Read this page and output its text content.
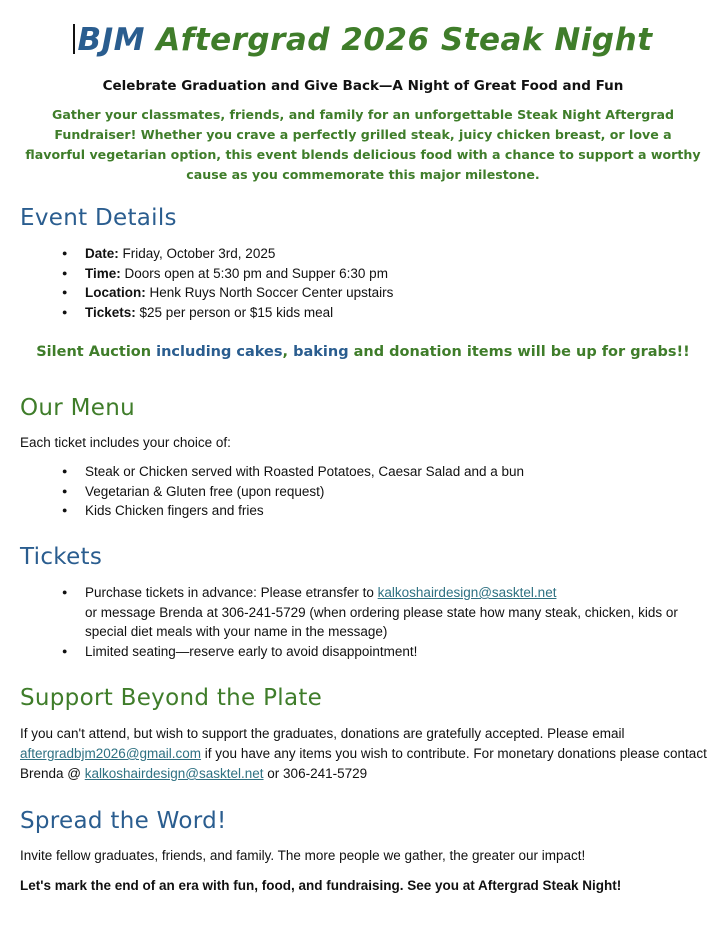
BJM Aftergrad 2026 Steak Night
Celebrate Graduation and Give Back—A Night of Great Food and Fun
Gather your classmates, friends, and family for an unforgettable Steak Night Aftergrad Fundraiser! Whether you crave a perfectly grilled steak, juicy chicken breast, or love a flavorful vegetarian option, this event blends delicious food with a chance to support a worthy cause as you commemorate this major milestone.
Event Details
● Date: Friday, October 3rd, 2025
● Time: Doors open at 5:30 pm and Supper 6:30 pm
● Location: Henk Ruys North Soccer Center upstairs
● Tickets: $25 per person or $15 kids meal
Silent Auction including cakes, baking and donation items will be up for grabs!!
Our Menu

Each ticket includes your choice of:

● Steak or Chicken served with Roasted Potatoes, Caesar Salad and a bun
● Vegetarian & Gluten free (upon request)
● Kids Chicken fingers and fries
Tickets
● Purchase tickets in advance: Please etransfer to kalkoshairdesign@sasktel.net
or message Brenda at 306-241-5729 (when ordering please state how many steak, chicken, kids or special diet meals with your name in the message)
● Limited seating—reserve early to avoid disappointment!
Support Beyond the Plate

If you can't attend, but wish to support the graduates, donations are gratefully accepted. Please email aftergradbjm2026@gmail.com if you have any items you wish to contribute. For monetary donations please contact Brenda @ kalkoshairdesign@sasktel.net or 306-241-5729

Spread the Word!

Invite fellow graduates, friends, and family. The more people we gather, the greater our impact!

Let's mark the end of an era with fun, food, and fundraising. See you at Aftergrad Steak Night!
